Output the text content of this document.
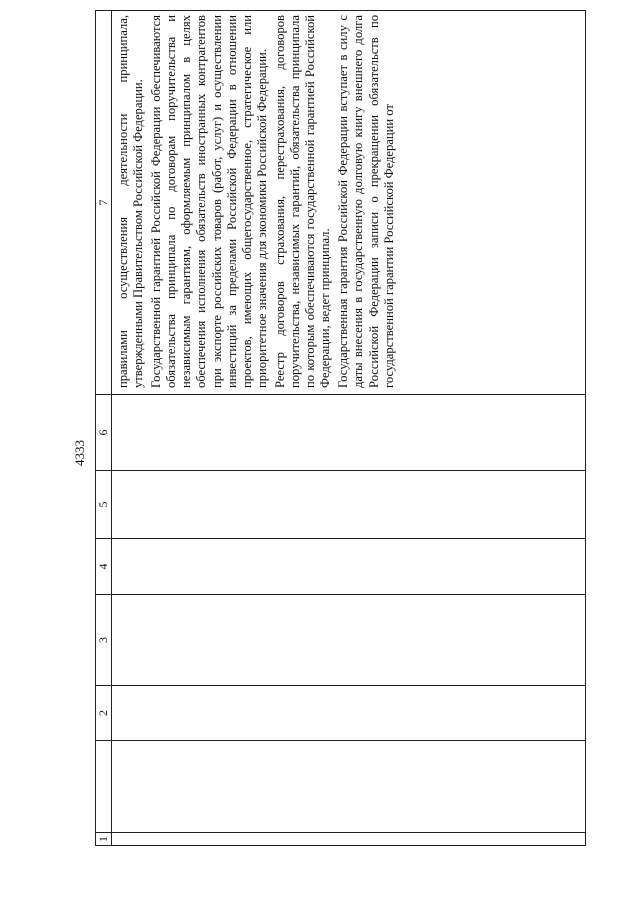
4333
1		2	3	4	5	6	7

							правилами осуществления деятельности принципала, утвержденными Правительством Российской Федерации. Государственной гарантией Российской Федерации обеспечиваются обязательства принципала по договорам поручительства и независимым гарантиям, оформляемым принципалом в целях обеспечения исполнения обязательств иностранных контрагентов при экспорте российских товаров (работ, услуг) и осуществлении инвестиций за пределами Российской Федерации в отношении проектов, имеющих общегосударственное, стратегическое или приоритетное значения для экономики Российской Федерации. Реестр договоров страхования, перестрахования, договоров поручительства, независимых гарантий, обязательства принципала по которым обеспечиваются государственной гарантией Российской Федерации, ведет принципал. Государственная гарантия Российской Федерации вступает в силу с даты внесения в государственную долговую книгу внешнего долга Российской Федерации записи о прекращении обязательств по государственной гарантии Российской Федерации от
